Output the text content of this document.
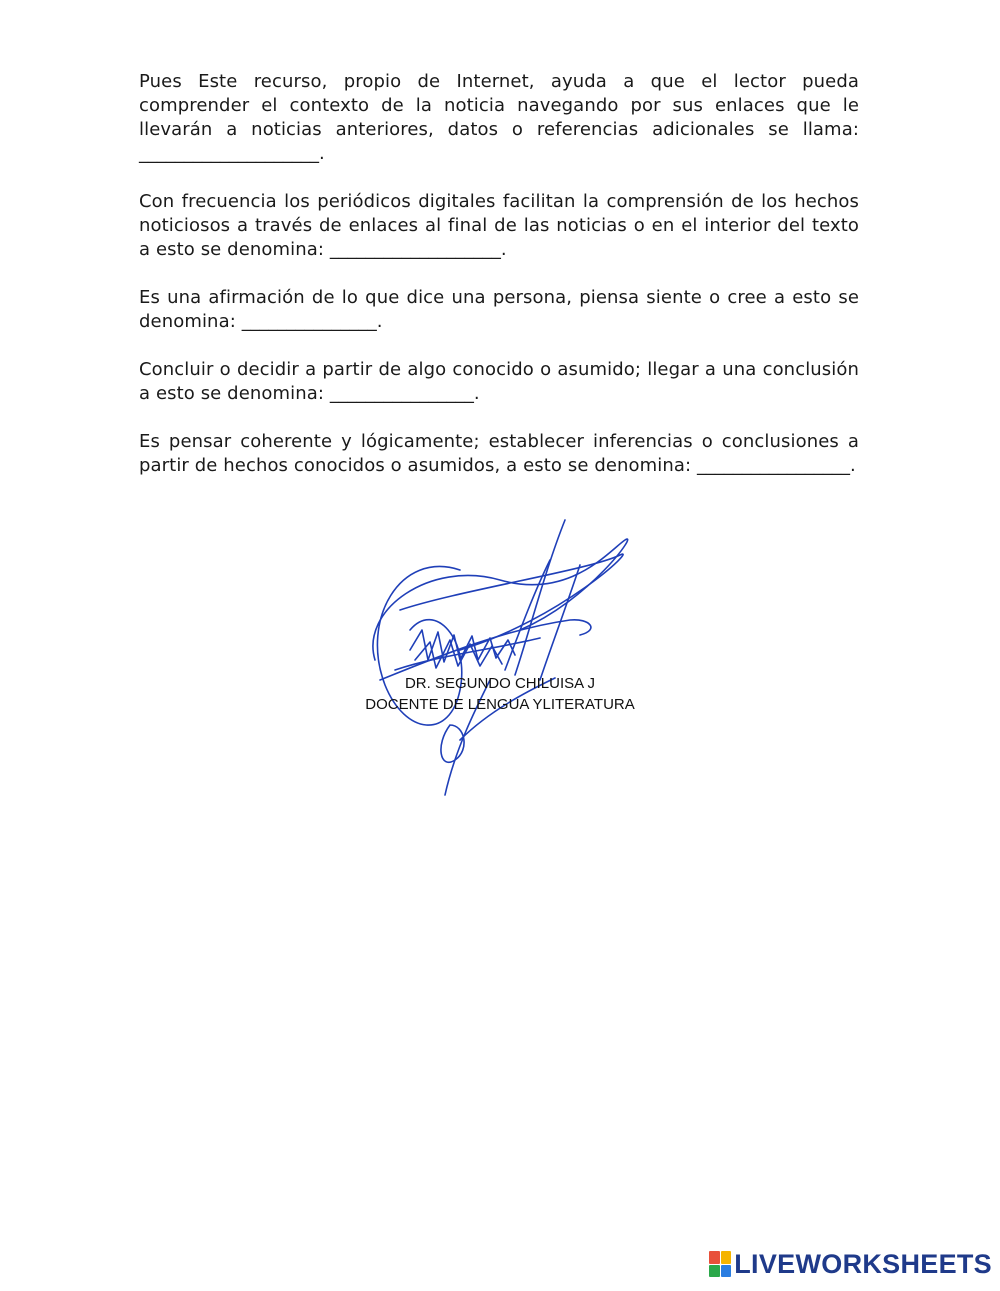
Pues Este recurso, propio de Internet, ayuda a que el lector pueda comprender el contexto de la noticia navegando por sus enlaces que le llevarán a noticias anteriores, datos o referencias adicionales se llama: ____________________.

Con frecuencia los periódicos digitales facilitan la comprensión de los hechos noticiosos a través de enlaces al final de las noticias o en el interior del texto a esto se denomina: ___________________.

Es una afirmación de lo que dice una persona, piensa siente o cree a esto se denomina: _______________.

Concluir o decidir a partir de algo conocido o asumido; llegar a una conclusión a esto se denomina: ________________.

Es pensar coherente y lógicamente; establecer inferencias o conclusiones a partir de hechos conocidos o asumidos, a esto se denomina: _________________.

DR. SEGUNDO CHILUISA J
DOCENTE DE LENGUA YLITERATURA
LIVEWORKSHEETS
